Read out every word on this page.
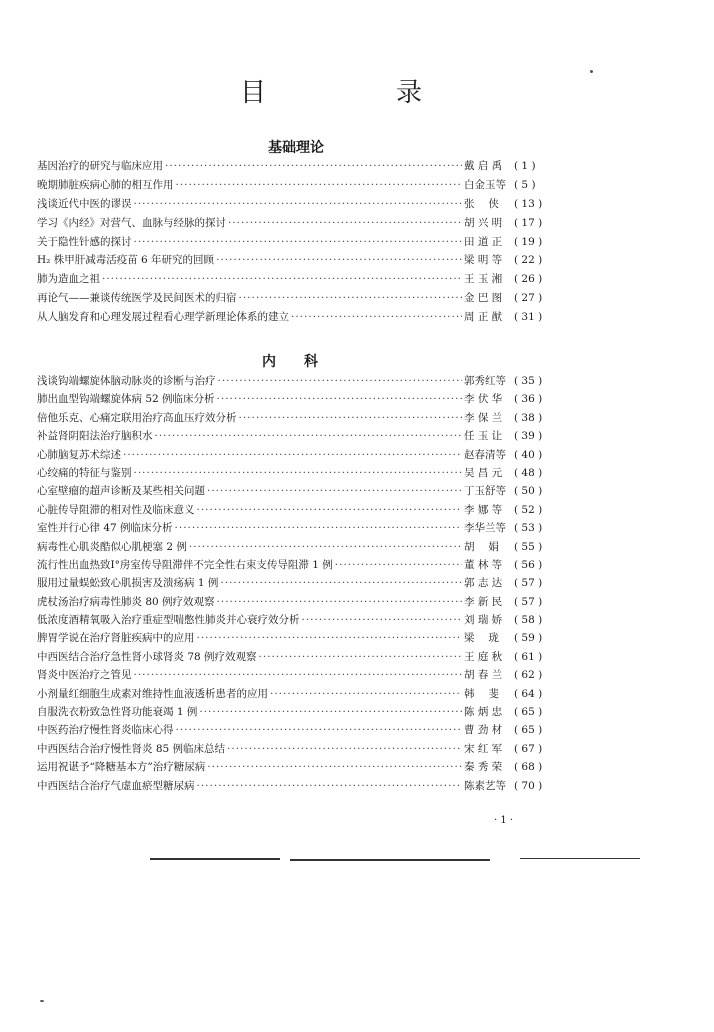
目　录
基础理论
基因治疗的研究与临床应用 ·····	戴 启 禹	( 1 )
晚期肺脏疾病心肺的相互作用 ·····	白金玉等 ( 5 )
浅谈近代中医的谬误 ·····	张　 侠	( 13 )
学习《内经》对营气、血脉与经脉的探讨 ·····	胡 兴 明	( 17 )
关于隐性针感的探讨 ·····	田 道 正	( 19 )
H₂ 株甲肝减毒活疫苗 6 年研究的回顾 ·····	梁 明 等	( 22 )
肺为造血之祖 ·····	王 玉 湘	( 26 )
再论气——兼谈传统医学及民间医术的归宿 ·····	金 巴 图	( 27 )
从人脑发育和心理发展过程看心理学新理论体系的建立 ·····	周 正 猷	( 31 )
内　　科
浅谈钩端螺旋体脑动脉炎的诊断与治疗 ·····	郭秀红等 ( 35 )
肺出血型钩端螺旋体病 52 例临床分析 ·····	李 伏 华	( 36 )
倍他乐克、心痛定联用治疗高血压疗效分析 ·····	李 保 兰	( 38 )
补益肾阴阳法治疗脑积水 ·····	任 玉 让	( 39 )
心肺脑复苏术综述 ·····	赵春清等 ( 40 )
心绞痛的特征与鉴别 ·····	吴 昌 元	( 48 )
心室壁瘤的超声诊断及某些相关问题 ·····	丁玉舒等 ( 50 )
心脏传导阻滞的相对性及临床意义 ·····	李 娜 等	( 52 )
室性并行心律 47 例临床分析 ·····	李华兰等 ( 53 )
病毒性心肌炎酷似心肌梗塞 2 例 ·····	胡　 娟	( 55 )
流行性出血热致Ⅰ°房室传导阻滞伴不完全性右束支传导阻滞 1 例 ·····	董 林 等	( 56 )
服用过量蜈蚣致心肌损害及溃疡病 1 例 ·····	郭 志 达	( 57 )
虎杖汤治疗病毒性肺炎 80 例疗效观察 ·····	李 新 民	( 57 )
低浓度酒精氧吸入治疗重症型喘憋性肺炎并心衰疗效分析 ·····	刘 瑞 娇	( 58 )
脾胃学说在治疗肾脏疾病中的应用 ·····	梁　 珑	( 59 )
中西医结合治疗急性肾小球肾炎 78 例疗效观察 ·····	王 庭 秋	( 61 )
肾炎中医治疗之管见 ·····	胡 春 兰	( 62 )
小剂量红细胞生成素对维持性血液透析患者的应用 ·····	韩　 斐	( 64 )
自服洗衣粉致急性肾功能衰竭 1 例 ·····	陈 炳 忠	( 65 )
中医药治疗慢性肾炎临床心得 ·····	曹 劲 材	( 65 )
中西医结合治疗慢性肾炎 85 例临床总结 ·····	宋 红 军	( 67 )
运用祝谌予“降糖基本方”治疗糖尿病 ·····	秦 秀 荣	( 68 )
中西医结合治疗气虚血瘀型糖尿病 ·····	陈素艺等 ( 70 )
· 1 ·
